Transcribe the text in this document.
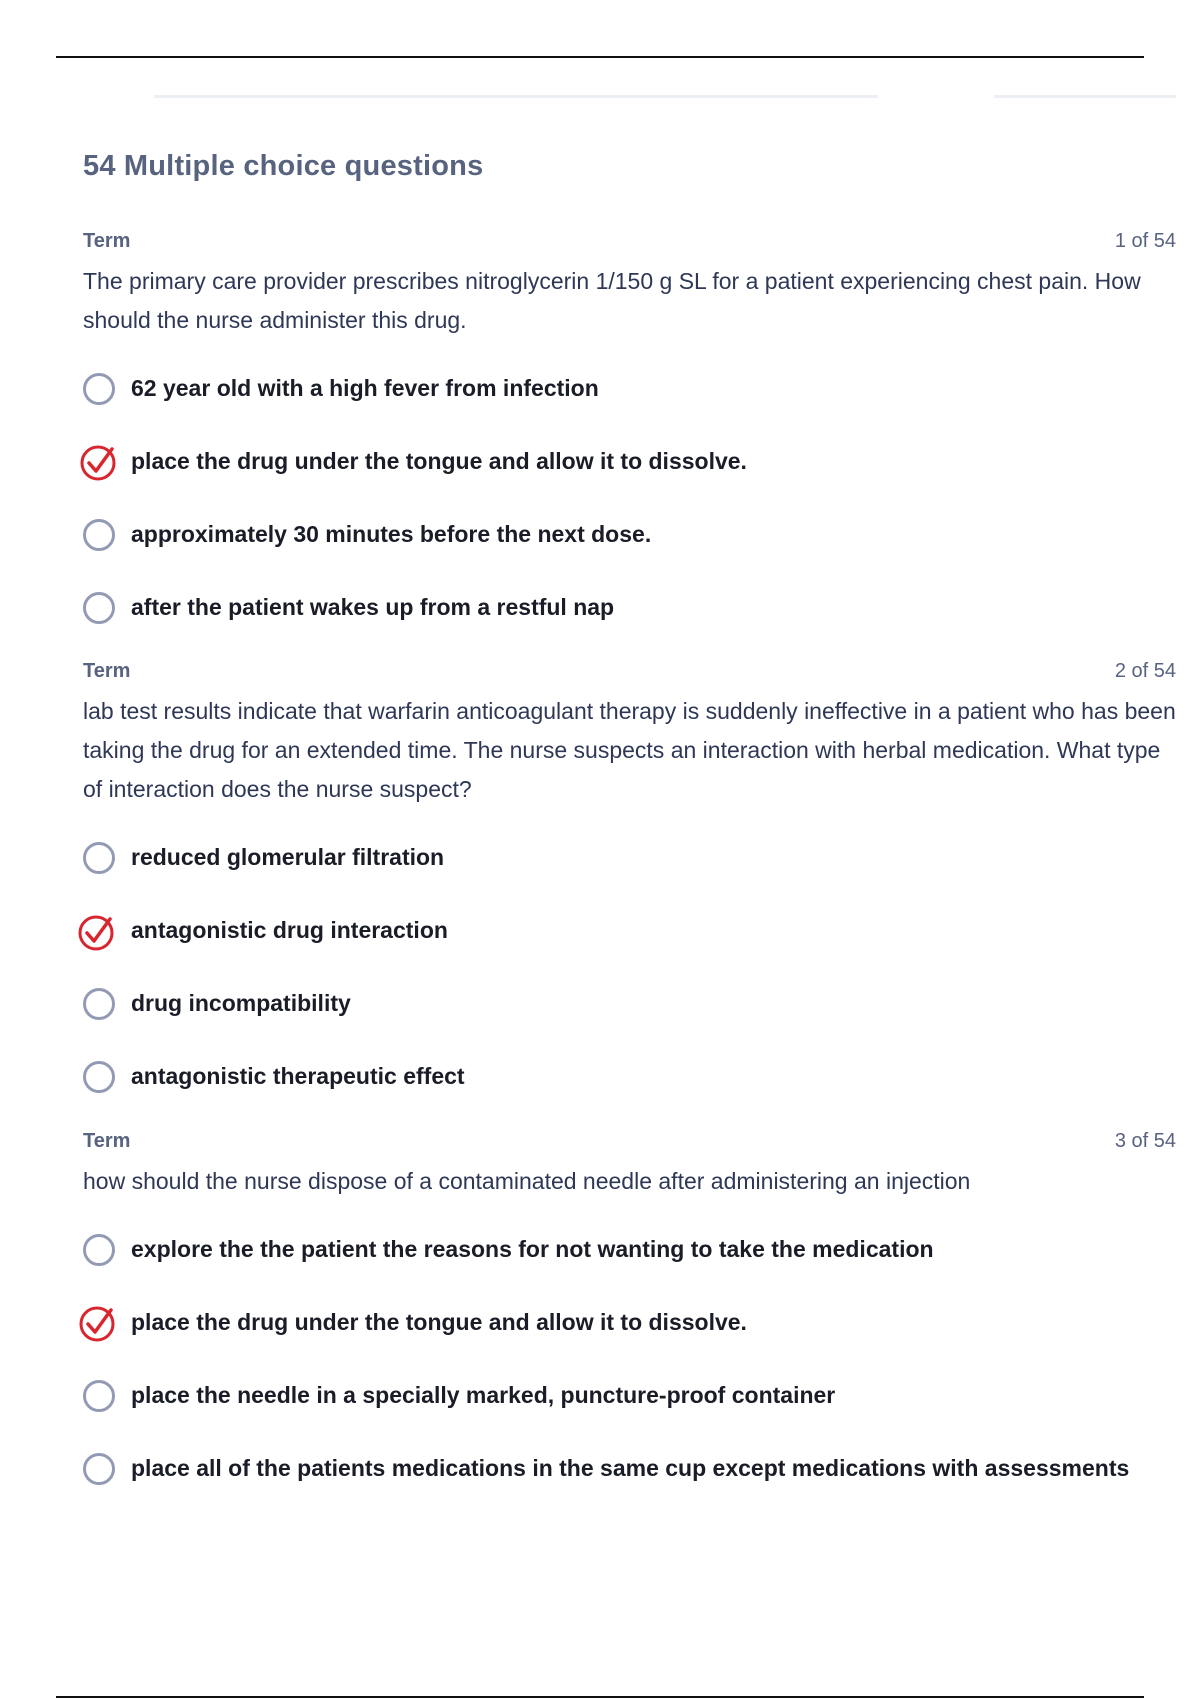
54 Multiple choice questions
Term	1 of 54
The primary care provider prescribes nitroglycerin 1/150 g SL for a patient experiencing chest pain. How should the nurse administer this drug.
62 year old with a high fever from infection
place the drug under the tongue and allow it to dissolve.
approximately 30 minutes before the next dose.
after the patient wakes up from a restful nap
Term	2 of 54
lab test results indicate that warfarin anticoagulant therapy is suddenly ineffective in a patient who has been taking the drug for an extended time. The nurse suspects an interaction with herbal medication. What type of interaction does the nurse suspect?
reduced glomerular filtration
antagonistic drug interaction
drug incompatibility
antagonistic therapeutic effect
Term	3 of 54
how should the nurse dispose of a contaminated needle after administering an injection
explore the the patient the reasons for not wanting to take the medication
place the drug under the tongue and allow it to dissolve.
place the needle in a specially marked, puncture-proof container
place all of the patients medications in the same cup except medications with assessments
